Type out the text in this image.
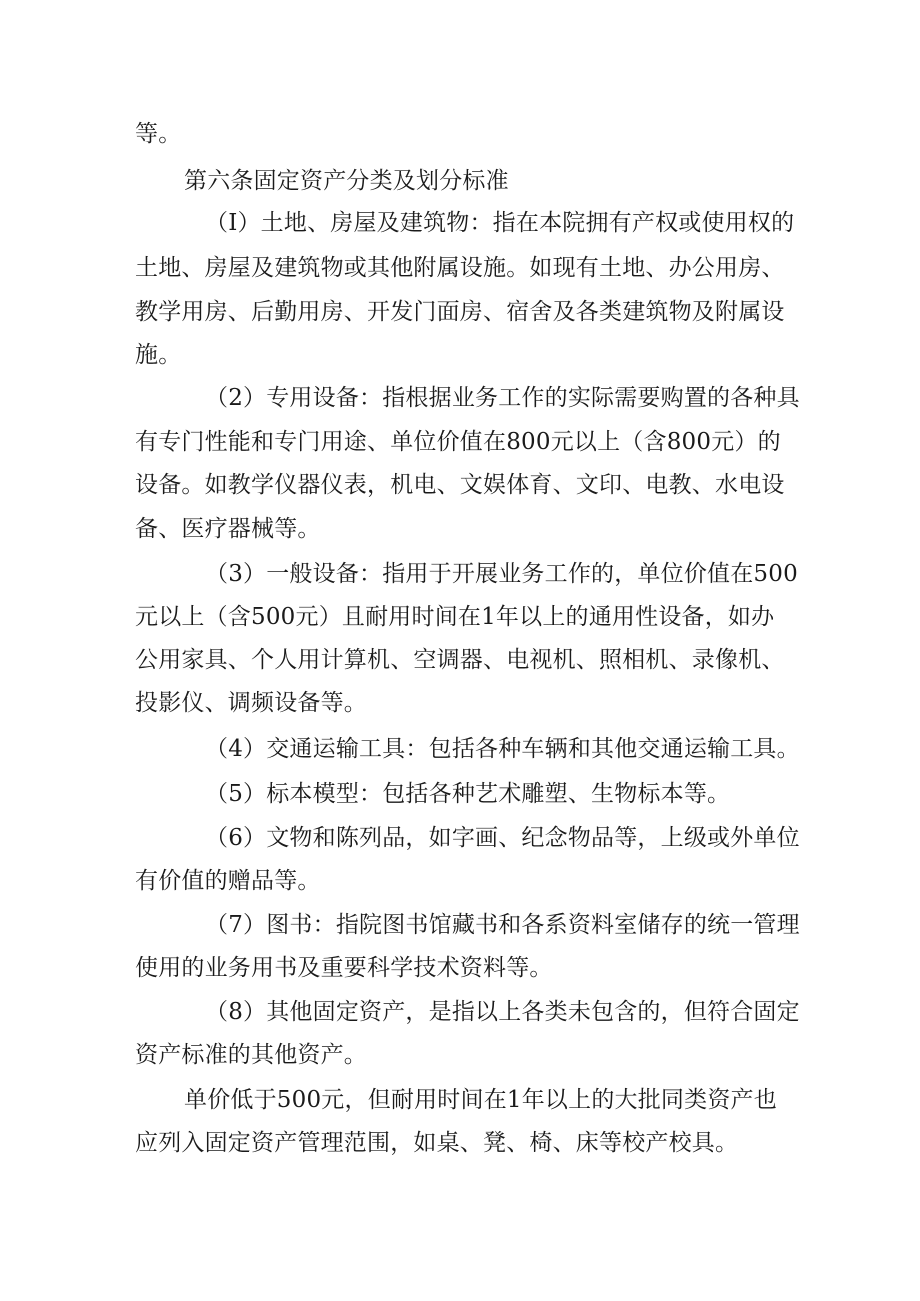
等。
第六条固定资产分类及划分标准
（I）土地、房屋及建筑物：指在本院拥有产权或使用权的
土地、房屋及建筑物或其他附属设施。如现有土地、办公用房、
教学用房、后勤用房、开发门面房、宿舍及各类建筑物及附属设
施。
（2）专用设备：指根据业务工作的实际需要购置的各种具
有专门性能和专门用途、单位价值在800元以上（含800元）的
设备。如教学仪器仪表，机电、文娱体育、文印、电教、水电设
备、医疗器械等。
（3）一般设备：指用于开展业务工作的，单位价值在500
元以上（含500元）且耐用时间在1年以上的通用性设备，如办
公用家具、个人用计算机、空调器、电视机、照相机、录像机、
投影仪、调频设备等。
（4）交通运输工具：包括各种车辆和其他交通运输工具。
（5）标本模型：包括各种艺术雕塑、生物标本等。
（6）文物和陈列品，如字画、纪念物品等，上级或外单位
有价值的赠品等。
（7）图书：指院图书馆藏书和各系资料室储存的统一管理
使用的业务用书及重要科学技术资料等。
（8）其他固定资产，是指以上各类未包含的，但符合固定
资产标准的其他资产。
单价低于500元，但耐用时间在1年以上的大批同类资产也
应列入固定资产管理范围，如桌、凳、椅、床等校产校具。
